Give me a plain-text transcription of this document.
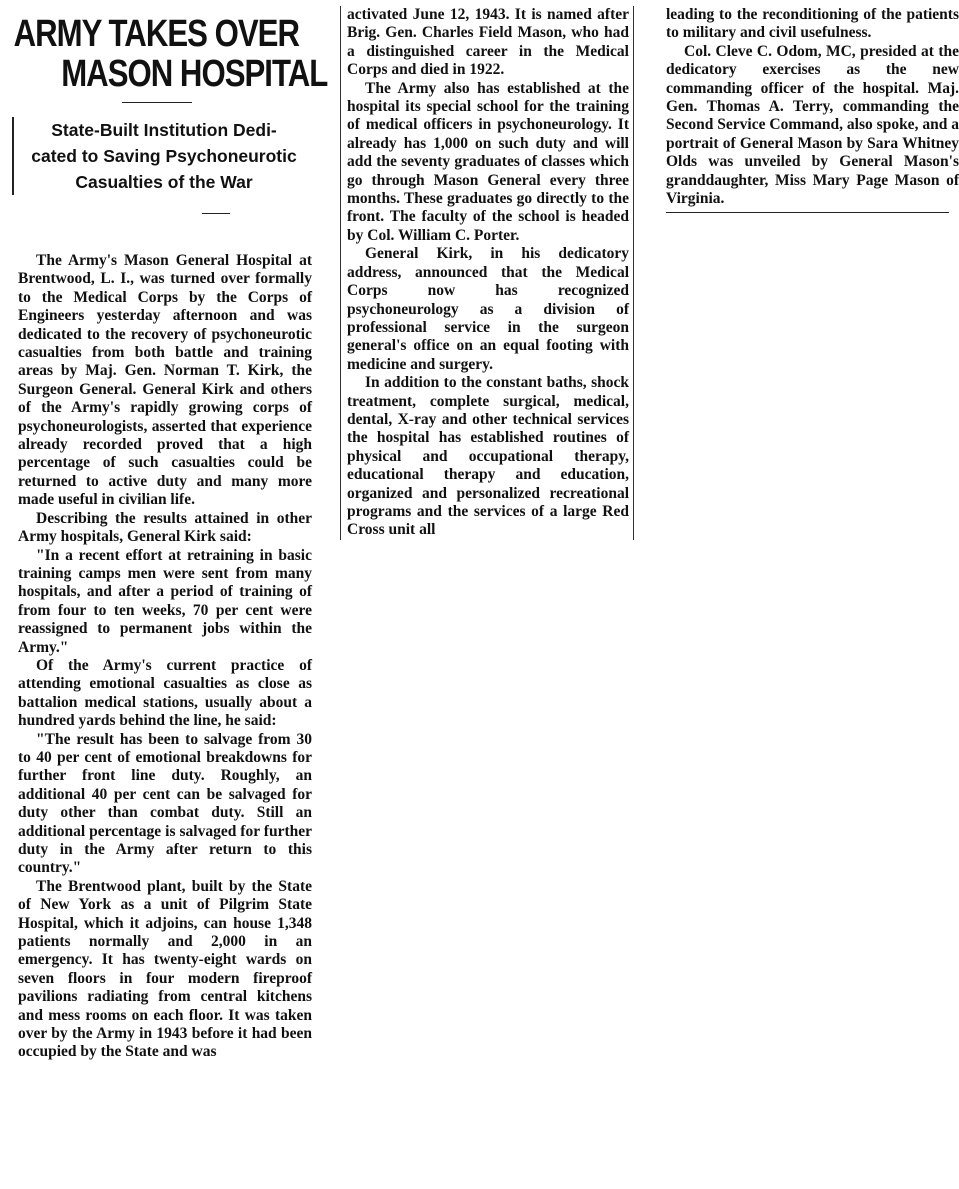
ARMY TAKES OVER
MASON HOSPITAL
State-Built Institution Dedi-
cated to Saving Psychoneurotic
Casualties of the War

The Army's Mason General Hospital at Brentwood, L. I., was turned over formally to the Medical Corps by the Corps of Engineers yesterday afternoon and was dedicated to the recovery of psychoneurotic casualties from both battle and training areas by Maj. Gen. Norman T. Kirk, the Surgeon General. General Kirk and others of the Army's rapidly growing corps of psychoneurologists, asserted that experience already recorded proved that a high percentage of such casualties could be returned to active duty and many more made useful in civilian life.

Describing the results attained in other Army hospitals, General Kirk said:

"In a recent effort at retraining in basic training camps men were sent from many hospitals, and after a period of training of from four to ten weeks, 70 per cent were reassigned to permanent jobs within the Army."

Of the Army's current practice of attending emotional casualties as close as battalion medical stations, usually about a hundred yards behind the line, he said:

"The result has been to salvage from 30 to 40 per cent of emotional breakdowns for further front line duty. Roughly, an additional 40 per cent can be salvaged for duty other than combat duty. Still an additional percentage is salvaged for further duty in the Army after return to this country."

The Brentwood plant, built by the State of New York as a unit of Pilgrim State Hospital, which it adjoins, can house 1,348 patients normally and 2,000 in an emergency. It has twenty-eight wards on seven floors in four modern fireproof pavilions radiating from central kitchens and mess rooms on each floor. It was taken over by the Army in 1943 before it had been occupied by the State and was

activated June 12, 1943. It is named after Brig. Gen. Charles Field Mason, who had a distinguished career in the Medical Corps and died in 1922.

The Army also has established at the hospital its special school for the training of medical officers in psychoneurology. It already has 1,000 on such duty and will add the seventy graduates of classes which go through Mason General every three months. These graduates go directly to the front. The faculty of the school is headed by Col. William C. Porter.

General Kirk, in his dedicatory address, announced that the Medical Corps now has recognized psychoneurology as a division of professional service in the surgeon general's office on an equal footing with medicine and surgery.

In addition to the constant baths, shock treatment, complete surgical, medical, dental, X-ray and other technical services the hospital has established routines of physical and occupational therapy, educational therapy and education, organized and personalized recreational programs and the services of a large Red Cross unit all

leading to the reconditioning of the patients to military and civil usefulness.

Col. Cleve C. Odom, MC, presided at the dedicatory exercises as the new commanding officer of the hospital. Maj. Gen. Thomas A. Terry, commanding the Second Service Command, also spoke, and a portrait of General Mason by Sara Whitney Olds was unveiled by General Mason's granddaughter, Miss Mary Page Mason of Virginia.
